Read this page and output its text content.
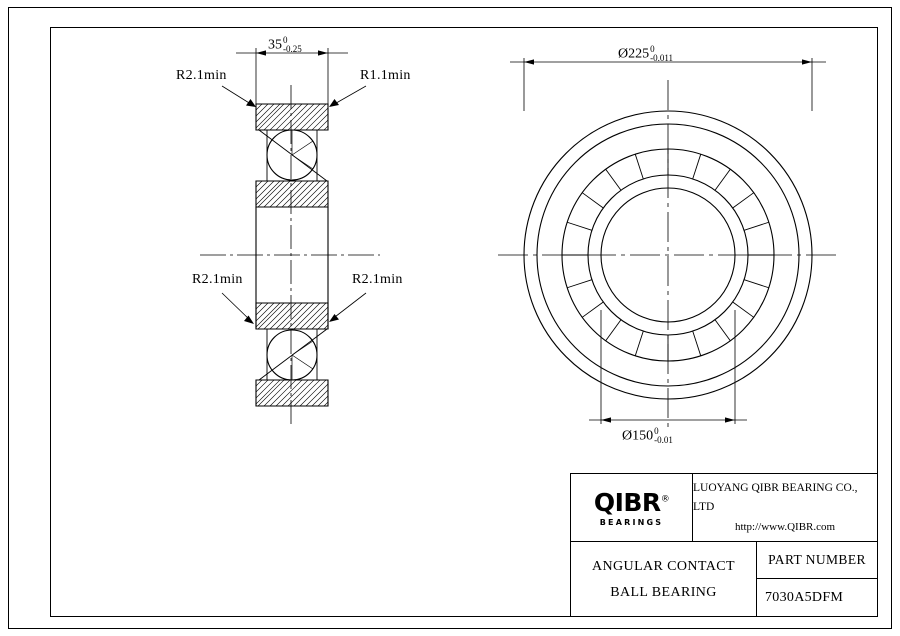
35 0
-0.25
R2.1min	R1.1min
R2.1min	R2.1min
Ø225 0
-0.011
Ø150 0
-0.01
QIBR®
BEARINGS
LUOYANG QIBR BEARING CO., LTD
http://www.QIBR.com
ANGULAR CONTACT
BALL BEARING
PART NUMBER
7030A5DFM
